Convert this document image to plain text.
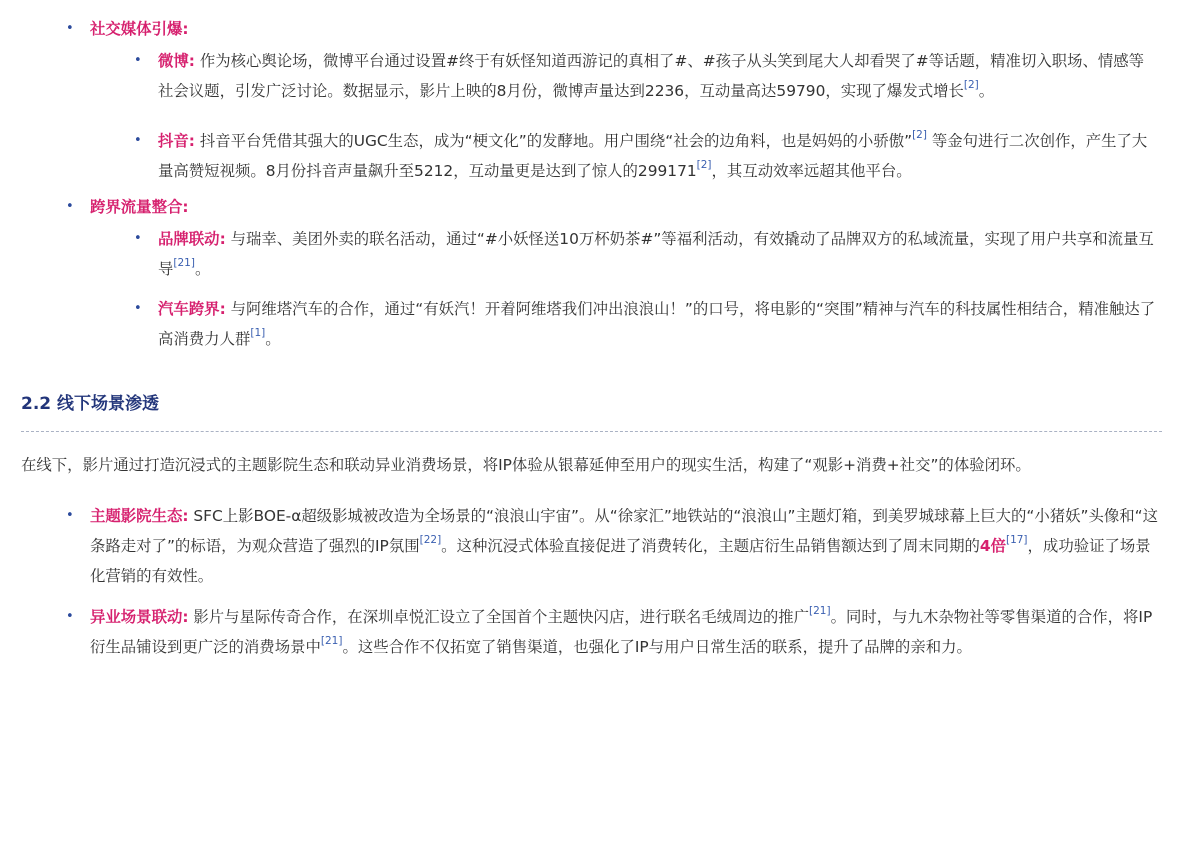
• 社交媒体引爆:
• 微博: 作为核心舆论场，微博平台通过设置#终于有妖怪知道西游记的真相了#、#孩子从头笑到尾大人却看哭了#等话题，精准切入职场、情感等社会议题，引发广泛讨论。数据显示，影片上映的8月份，微博声量达到2236，互动量高达59790，实现了爆发式增长[2]。
• 抖音: 抖音平台凭借其强大的UGC生态，成为“梗文化”的发酵地。用户围绕“社会的边角料，也是妈妈的小骄傲”[2] 等金句进行二次创作，产生了大量高赞短视频。8月份抖音声量飙升至5212，互动量更是达到了惊人的299171[2]，其互动效率远超其他平台。
• 跨界流量整合:
• 品牌联动: 与瑞幸、美团外卖的联名活动，通过“#小妖怪送10万杯奶茶#”等福利活动，有效撬动了品牌双方的私域流量，实现了用户共享和流量互导[21]。
• 汽车跨界: 与阿维塔汽车的合作，通过“有妖汽！开着阿维塔我们冲出浪浪山！”的口号，将电影的“突围”精神与汽车的科技属性相结合，精准触达了高消费力人群[1]。
2.2 线下场景渗透

在线下，影片通过打造沉浸式的主题影院生态和联动异业消费场景，将IP体验从银幕延伸至用户的现实生活，构建了“观影+消费+社交”的体验闭环。

• 主题影院生态: SFC上影BOE-α超级影城被改造为全场景的“浪浪山宇宙”。从“徐家汇”地铁站的“浪浪山”主题灯箱，到美罗城球幕上巨大的“小猪妖”头像和“这条路走对了”的标语，为观众营造了强烈的IP氛围[22]。这种沉浸式体验直接促进了消费转化，主题店衍生品销售额达到了周末同期的4倍[17]，成功验证了场景化营销的有效性。
• 异业场景联动: 影片与星际传奇合作，在深圳卓悦汇设立了全国首个主题快闪店，进行联名毛绒周边的推广[21]。同时，与九木杂物社等零售渠道的合作，将IP衍生品铺设到更广泛的消费场景中[21]。这些合作不仅拓宽了销售渠道，也强化了IP与用户日常生活的联系，提升了品牌的亲和力。
